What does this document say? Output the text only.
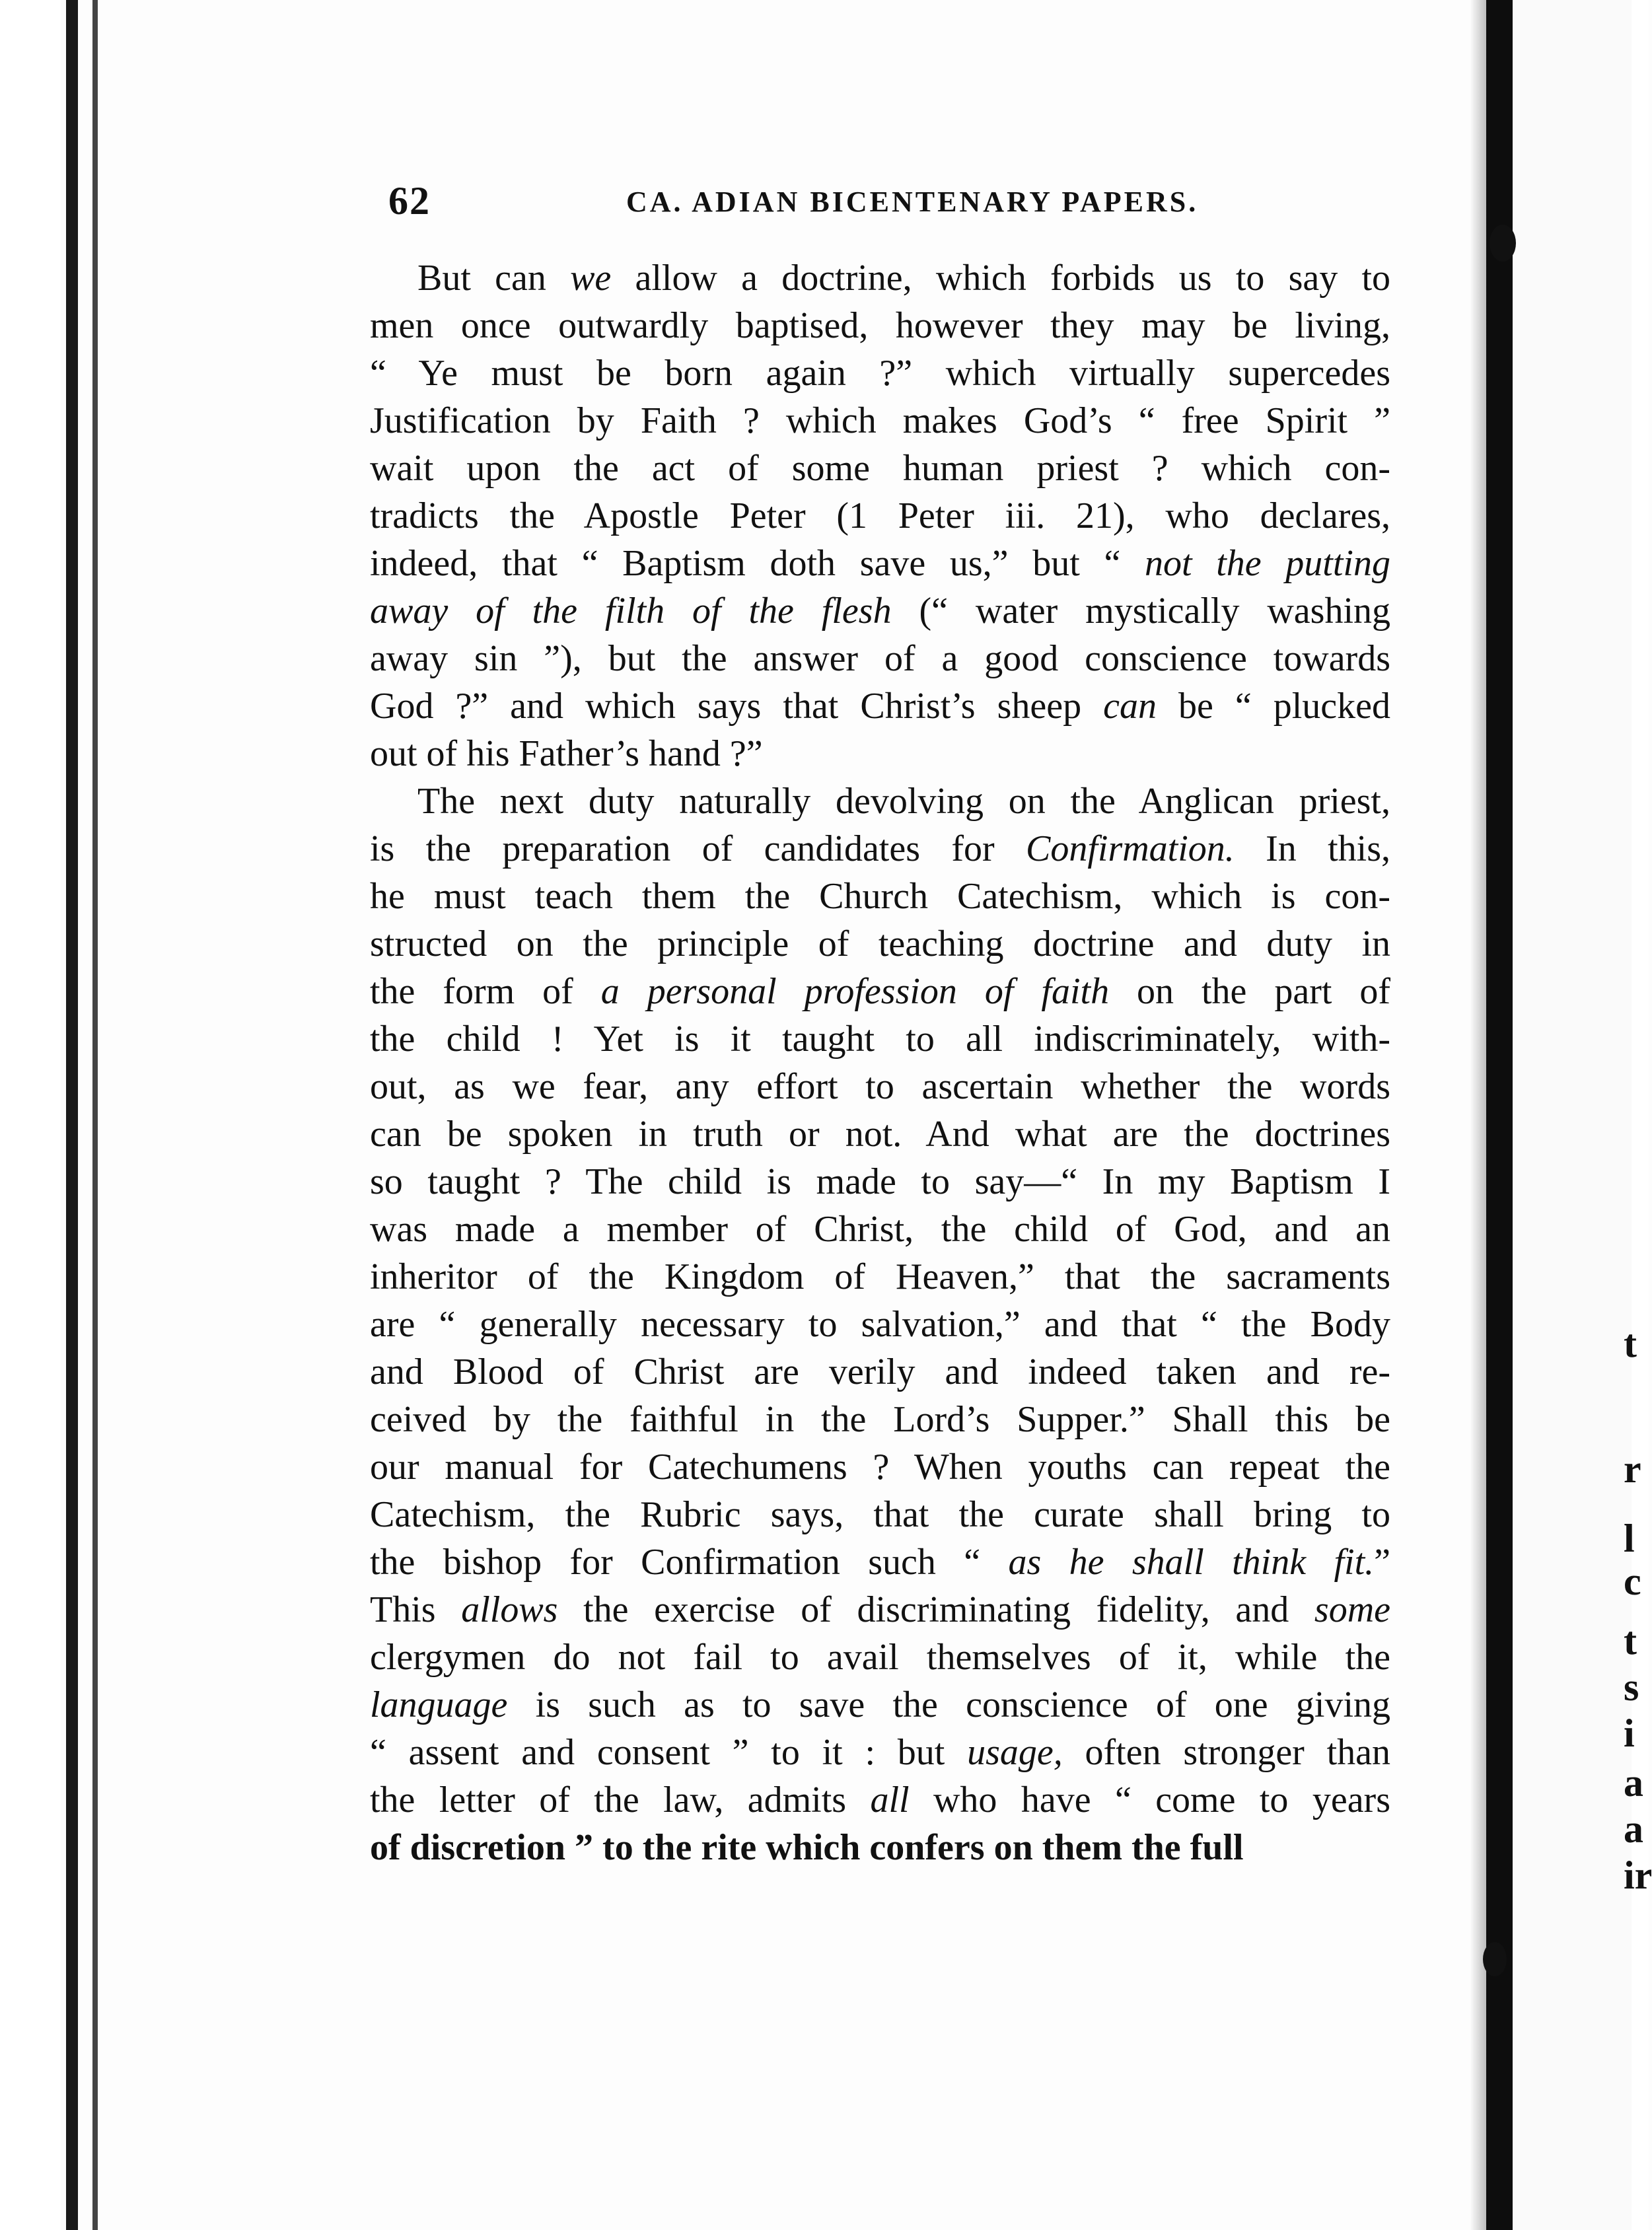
t
r
l
c
t
s
i
a
a
ir
62	CA. ADIAN BICENTENARY PAPERS.
But can we allow a doctrine, which forbids us to say to
men once outwardly baptised, however they may be living,
“ Ye must be born again ?” which virtually supercedes
Justification by Faith ? which makes God’s “ free Spirit ”
wait upon the act of some human priest ? which con-
tradicts the Apostle Peter (1 Peter iii. 21), who declares,
indeed, that “ Baptism doth save us,” but “ not the putting
away of the filth of the flesh (“ water mystically washing
away sin ”), but the answer of a good conscience towards
God ?” and which says that Christ’s sheep can be “ plucked
out of his Father’s hand ?”
The next duty naturally devolving on the Anglican priest,
is the preparation of candidates for Confirmation. In this,
he must teach them the Church Catechism, which is con-
structed on the principle of teaching doctrine and duty in
the form of a personal profession of faith on the part of
the child ! Yet is it taught to all indiscriminately, with-
out, as we fear, any effort to ascertain whether the words
can be spoken in truth or not. And what are the doctrines
so taught ? The child is made to say—“ In my Baptism I
was made a member of Christ, the child of God, and an
inheritor of the Kingdom of Heaven,” that the sacraments
are “ generally necessary to salvation,” and that “ the Body
and Blood of Christ are verily and indeed taken and re-
ceived by the faithful in the Lord’s Supper.” Shall this be
our manual for Catechumens ? When youths can repeat the
Catechism, the Rubric says, that the curate shall bring to
the bishop for Confirmation such “ as he shall think fit.”
This allows the exercise of discriminating fidelity, and some
clergymen do not fail to avail themselves of it, while the
language is such as to save the conscience of one giving
“ assent and consent ” to it : but usage, often stronger than
the letter of the law, admits all who have “ come to years
of discretion ” to the rite which confers on them the full
